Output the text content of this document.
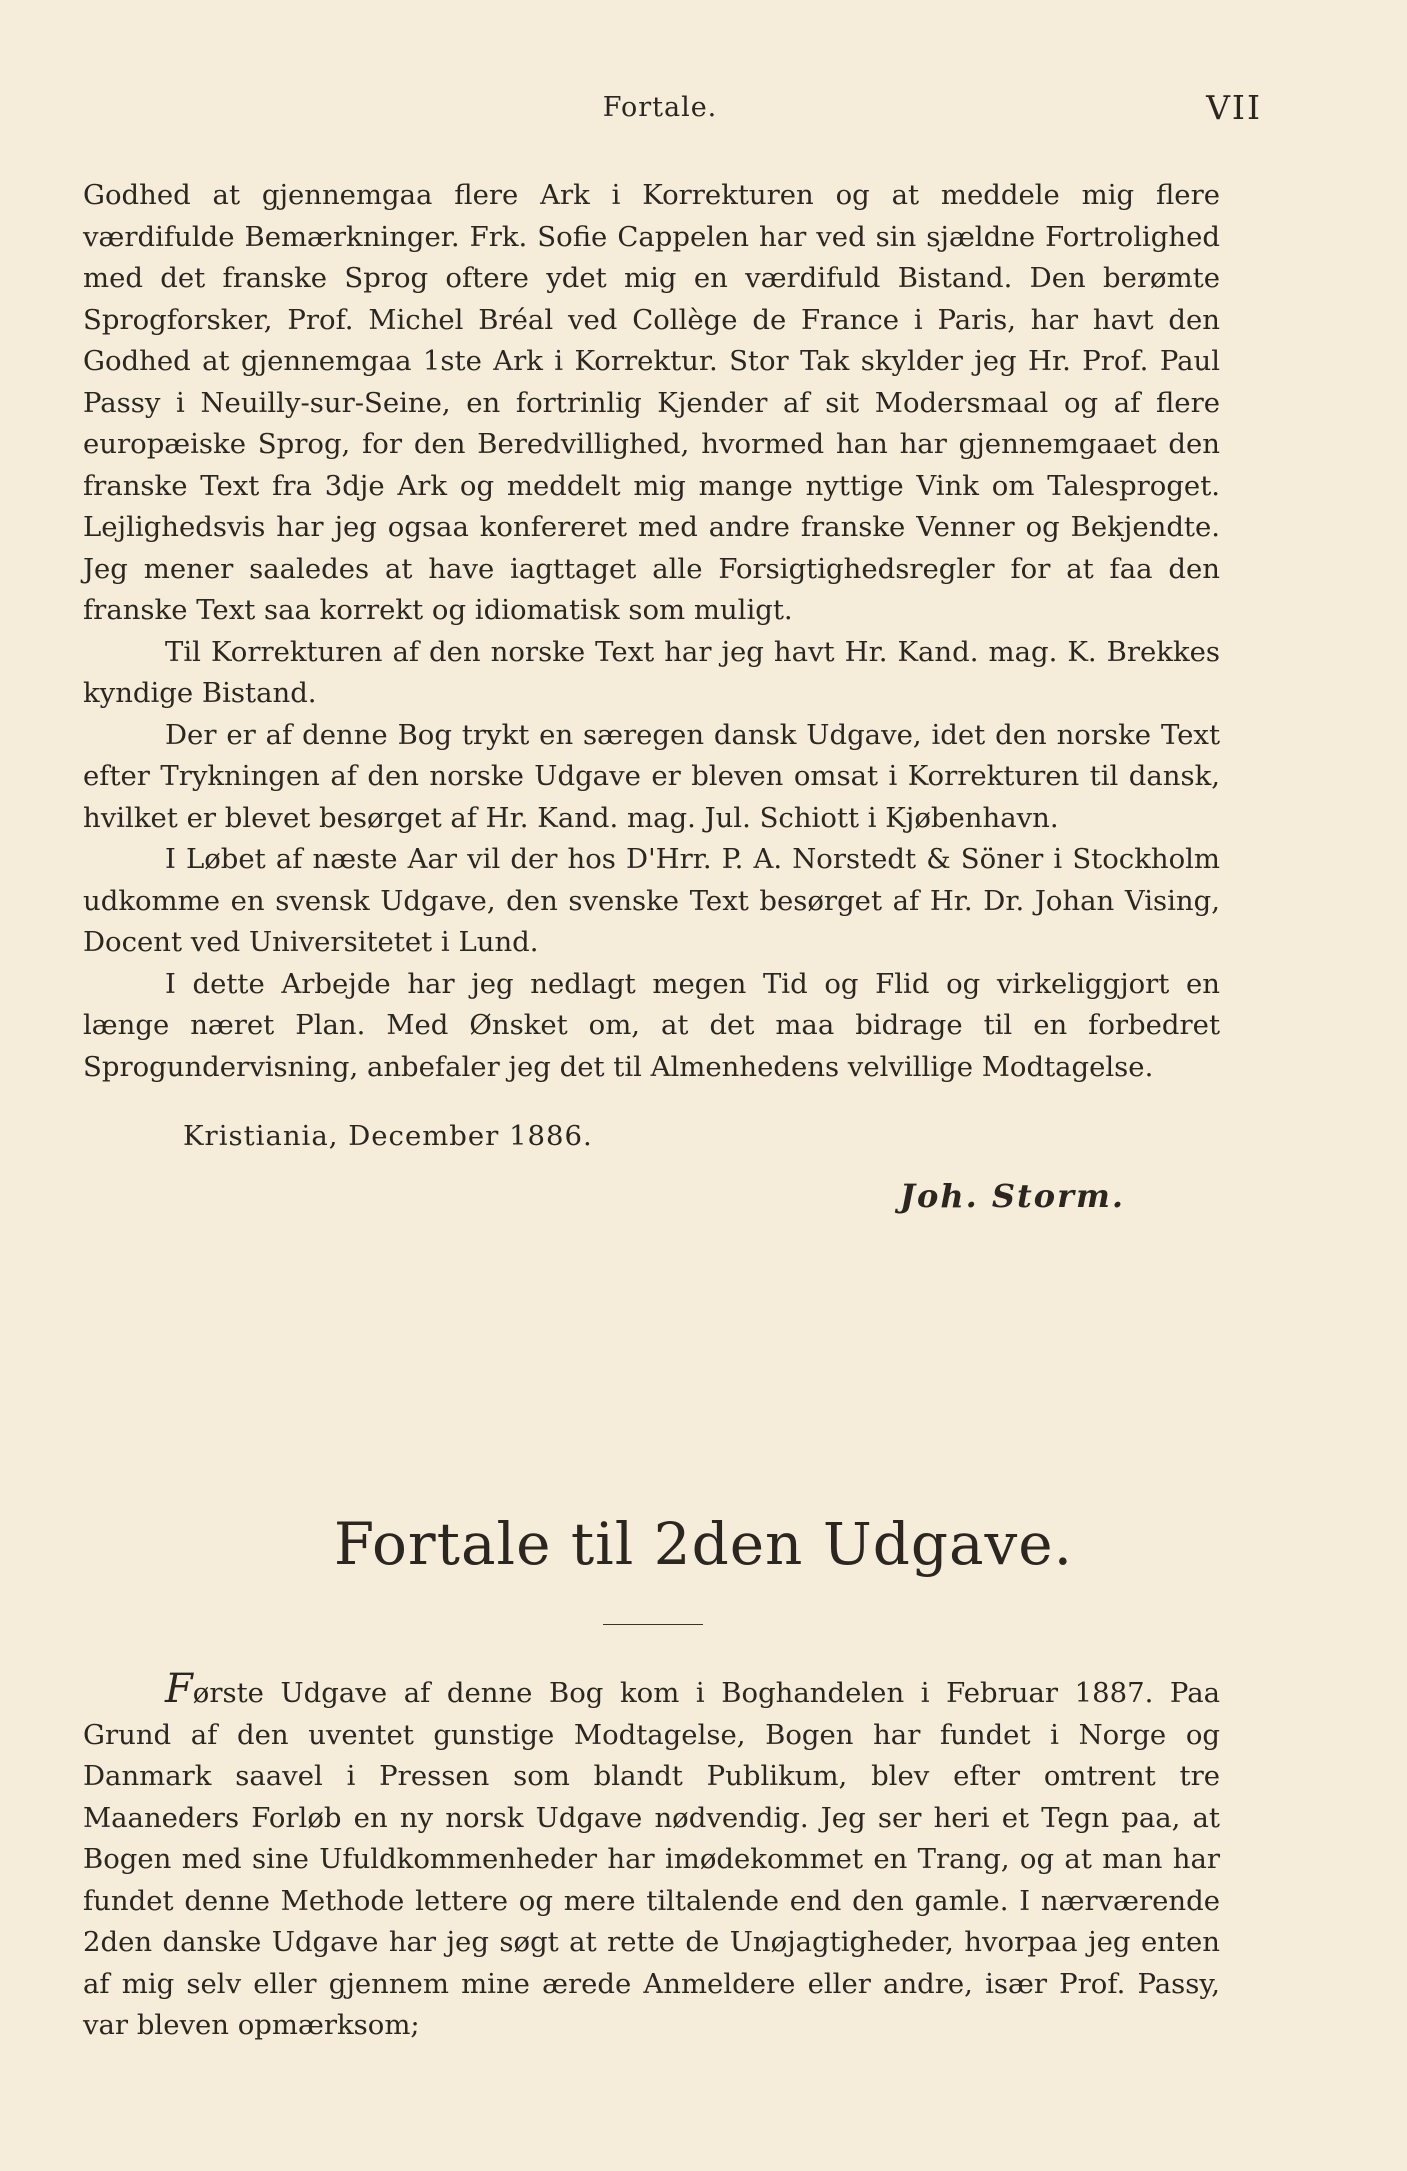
Fortale.	VII

Godhed at gjennemgaa flere Ark i Korrekturen og at meddele mig flere værdifulde Bemærkninger. Frk. Sofie Cappelen har ved sin sjældne Fortrolighed med det franske Sprog oftere ydet mig en værdifuld Bistand. Den berømte Sprogforsker, Prof. Michel Bréal ved Collège de France i Paris, har havt den Godhed at gjennemgaa 1ste Ark i Korrektur. Stor Tak skylder jeg Hr. Prof. Paul Passy i Neuilly-sur-Seine, en fortrinlig Kjender af sit Modersmaal og af flere europæiske Sprog, for den Beredvillighed, hvormed han har gjennemgaaet den franske Text fra 3dje Ark og meddelt mig mange nyttige Vink om Talesproget. Lejlighedsvis har jeg ogsaa konfereret med andre franske Venner og Bekjendte. Jeg mener saaledes at have iagttaget alle Forsigtighedsregler for at faa den franske Text saa korrekt og idiomatisk som muligt.

Til Korrekturen af den norske Text har jeg havt Hr. Kand. mag. K. Brekkes kyndige Bistand.

Der er af denne Bog trykt en særegen dansk Udgave, idet den norske Text efter Trykningen af den norske Udgave er bleven omsat i Korrekturen til dansk, hvilket er blevet besørget af Hr. Kand. mag. Jul. Schiott i Kjøbenhavn.

I Løbet af næste Aar vil der hos D'Hrr. P. A. Norstedt & Söner i Stockholm udkomme en svensk Udgave, den svenske Text besørget af Hr. Dr. Johan Vising, Docent ved Universitetet i Lund.

I dette Arbejde har jeg nedlagt megen Tid og Flid og virkeliggjort en længe næret Plan. Med Ønsket om, at det maa bidrage til en forbedret Sprogundervisning, anbefaler jeg det til Almenhedens velvillige Modtagelse.

Kristiania, December 1886.

Joh. Storm.

Fortale til 2den Udgave.

Første Udgave af denne Bog kom i Boghandelen i Februar 1887. Paa Grund af den uventet gunstige Modtagelse, Bogen har fundet i Norge og Danmark saavel i Pressen som blandt Publikum, blev efter omtrent tre Maaneders Forløb en ny norsk Udgave nødvendig. Jeg ser heri et Tegn paa, at Bogen med sine Ufuldkommenheder har imødekommet en Trang, og at man har fundet denne Methode lettere og mere tiltalende end den gamle. I nærværende 2den danske Udgave har jeg søgt at rette de Unøjagtigheder, hvorpaa jeg enten af mig selv eller gjennem mine ærede Anmeldere eller andre, især Prof. Passy, var bleven opmærksom;
